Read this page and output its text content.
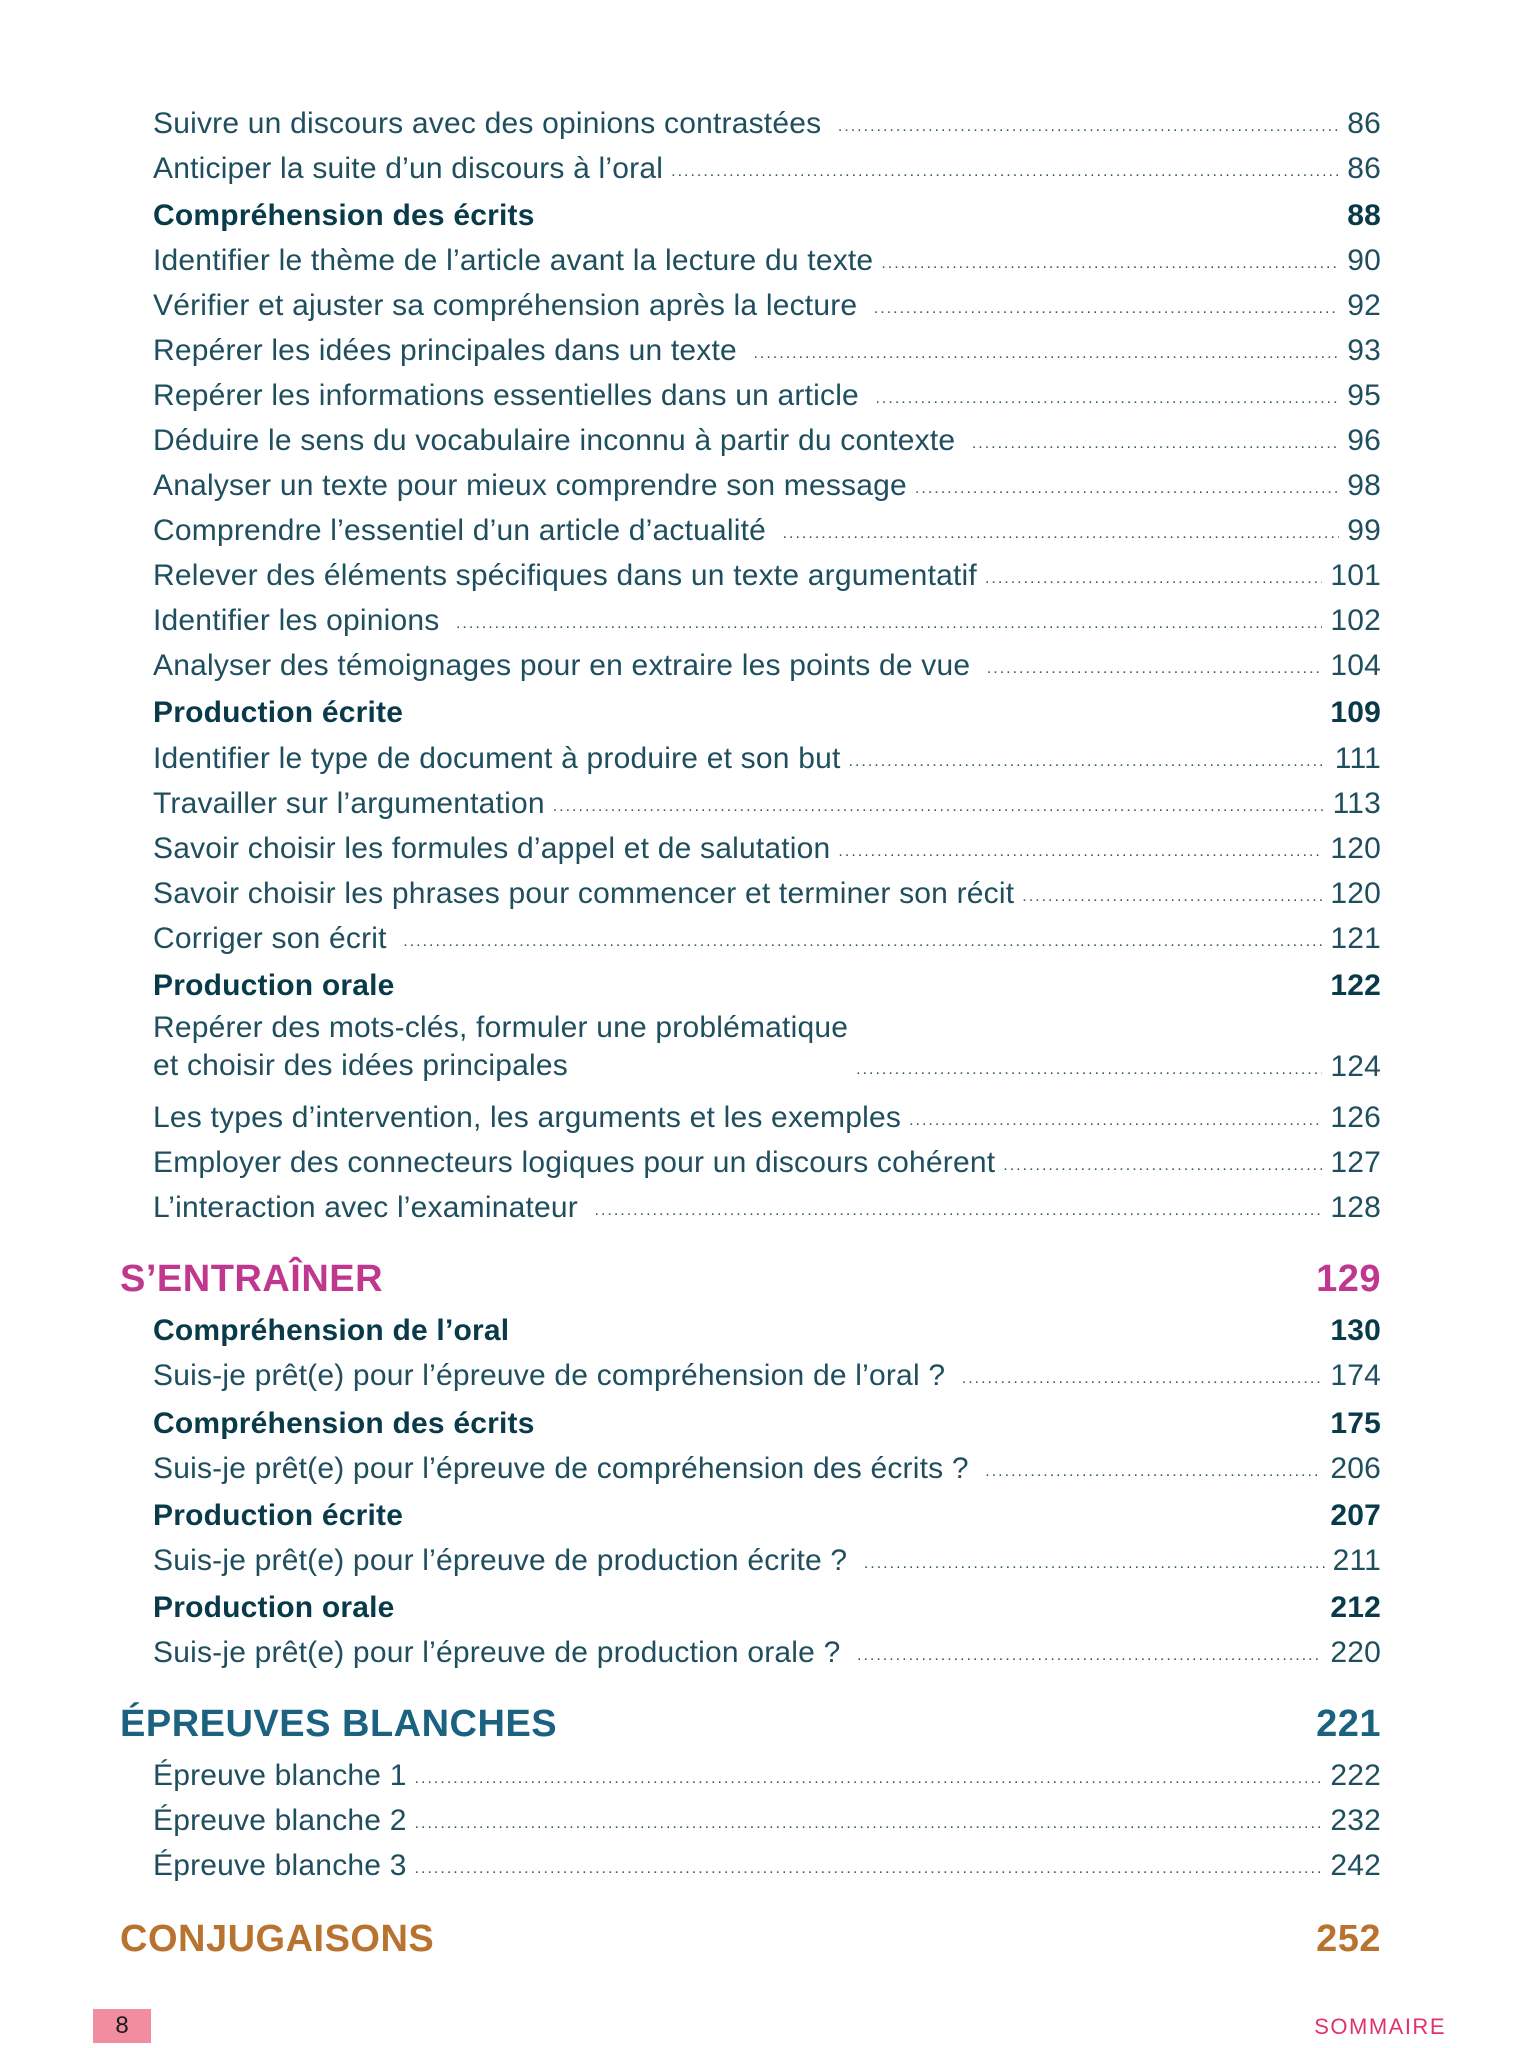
Suivre un discours avec des opinions contrastées .....	86
Anticiper la suite d’un discours à l’oral .....	86
Compréhension des écrits	88
Identifier le thème de l’article avant la lecture du texte .....	90
Vérifier et ajuster sa compréhension après la lecture .....	92
Repérer les idées principales dans un texte .....	93
Repérer les informations essentielles dans un article .....	95
Déduire le sens du vocabulaire inconnu à partir du contexte .....	96
Analyser un texte pour mieux comprendre son message .....	98
Comprendre l’essentiel d’un article d’actualité .....	99
Relever des éléments spécifiques dans un texte argumentatif .....	101
Identifier les opinions .....	102
Analyser des témoignages pour en extraire les points de vue .....	104
Production écrite	109
Identifier le type de document à produire et son but .....	111
Travailler sur l’argumentation .....	113
Savoir choisir les formules d’appel et de salutation .....	120
Savoir choisir les phrases pour commencer et terminer son récit .....	120
Corriger son écrit .....	121
Production orale	122
Repérer des mots-clés, formuler une problématique
et choisir des idées principales .....	124
Les types d’intervention, les arguments et les exemples .....	126
Employer des connecteurs logiques pour un discours cohérent .....	127
L’interaction avec l’examinateur .....	128
S’ENTRAÎNER	129
Compréhension de l’oral	130
Suis-je prêt(e) pour l’épreuve de compréhension de l’oral ? .....	174
Compréhension des écrits	175
Suis-je prêt(e) pour l’épreuve de compréhension des écrits ? .....	206
Production écrite	207
Suis-je prêt(e) pour l’épreuve de production écrite ? .....	211
Production orale	212
Suis-je prêt(e) pour l’épreuve de production orale ? .....	220
ÉPREUVES BLANCHES	221
Épreuve blanche 1 .....	222
Épreuve blanche 2 .....	232
Épreuve blanche 3 .....	242
CONJUGAISONS	252
8	SOMMAIRE
